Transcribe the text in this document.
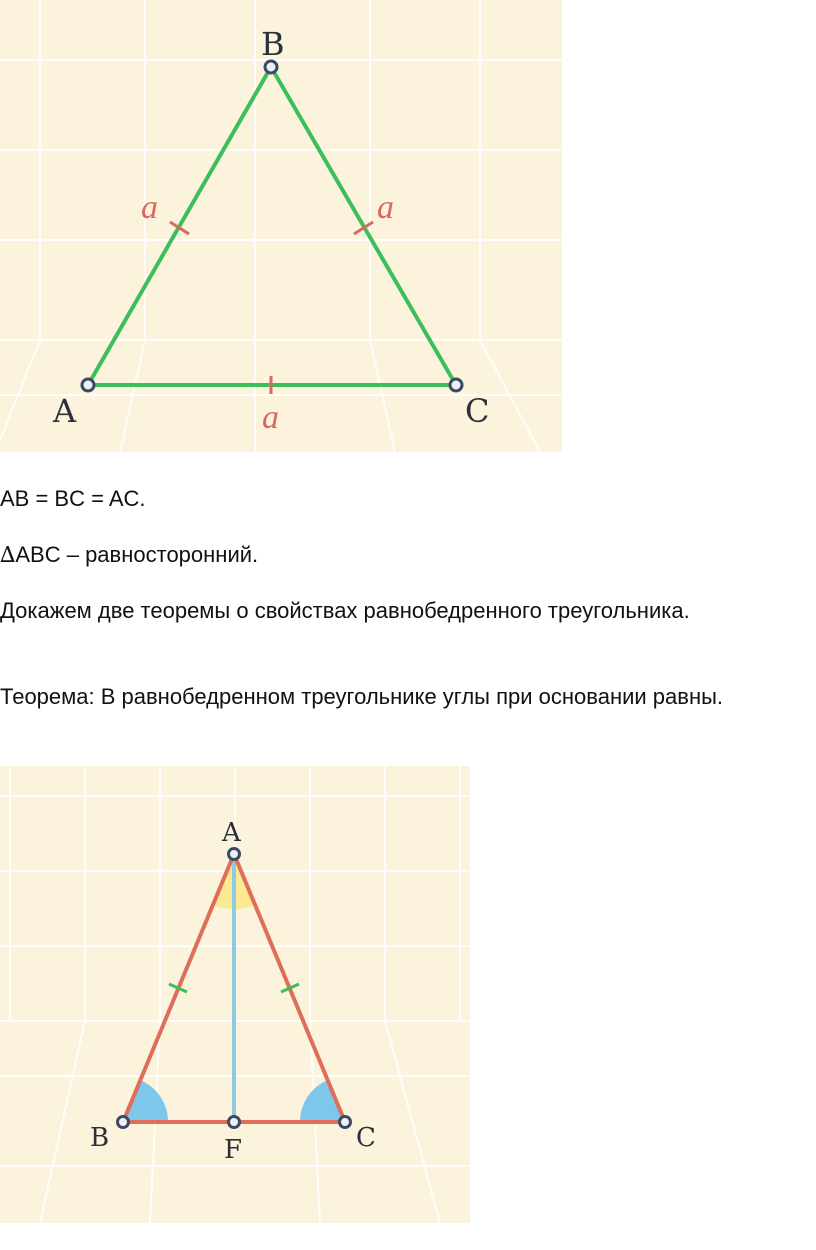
A
B
C
a	a
a

AB = BC = AC.

∆ABC – равносторонний.

Докажем две теоремы о свойствах равнобедренного треугольника.

Теорема: В равнобедренном треугольнике углы при основании равны.

A
B	C
F
